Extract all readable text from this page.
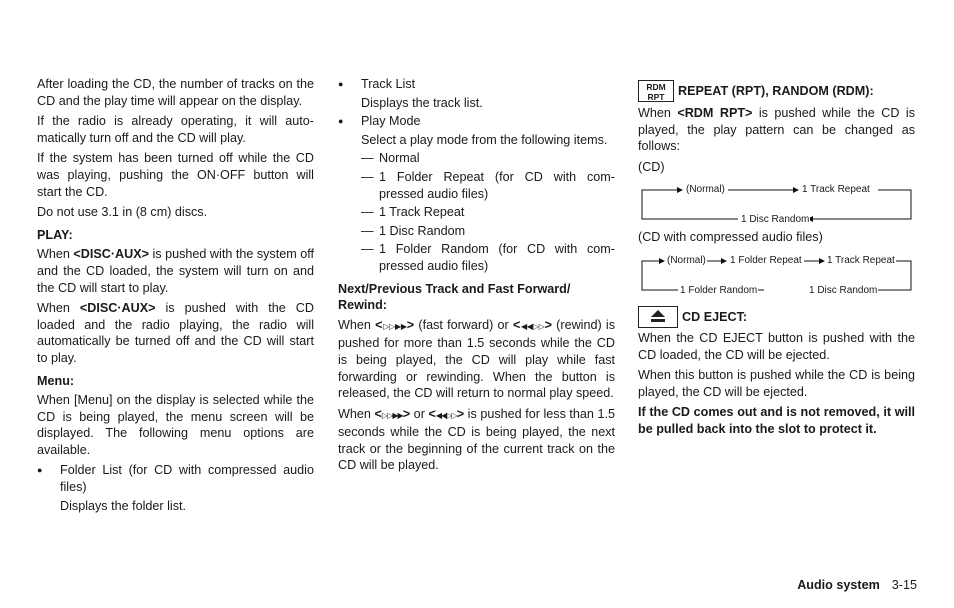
After loading the CD, the number of tracks on the CD and the play time will appear on the display.

If the radio is already operating, it will auto-matically turn off and the CD will play.

If the system has been turned off while the CD was playing, pushing the ON·OFF button will start the CD.

Do not use 3.1 in (8 cm) discs.

PLAY:

When <DISC·AUX> is pushed with the system off and the CD loaded, the system will turn on and the CD will start to play.

When <DISC·AUX> is pushed with the CD loaded and the radio playing, the radio will automatically be turned off and the CD will start to play.

Menu:

When [Menu] on the display is selected while the CD is being played, the menu screen will be displayed. The following menu options are available.

● Folder List (for CD with compressed audio files)
Displays the folder list.
● Track List
Displays the track list.
● Play Mode
Select a play mode from the following items.
— Normal
— 1 Folder Repeat (for CD with com-pressed audio files)
— 1 Track Repeat
— 1 Disc Random
— 1 Folder Random (for CD with com-pressed audio files)
Next/Previous Track and Fast Forward/ Rewind:

When <▷▷▶▶> (fast forward) or <◀◀▷▷> (rewind) is pushed for more than 1.5 seconds while the CD is being played, the CD will play while fast forwarding or rewinding. When the button is released, the CD will return to normal play speed.

When <▷▷▶▶> or <◀◀▷▷> is pushed for less than 1.5 seconds while the CD is being played, the next track or the beginning of the current track on the CD will be played.

RDM
RPT REPEAT (RPT), RANDOM (RDM):

When <RDM RPT> is pushed while the CD is played, the play pattern can be changed as follows:

(CD)

(Normal)	1 Track Repeat
1 Disc Random

(CD with compressed audio files)

(Normal) 1 Folder Repeat	1 Track Repeat
1 Folder Random	1 Disc Random
CD EJECT:

When the CD EJECT button is pushed with the CD loaded, the CD will be ejected.

When this button is pushed while the CD is being played, the CD will be ejected.

If the CD comes out and is not removed, it will be pulled back into the slot to protect it.

Audio system 3-15
